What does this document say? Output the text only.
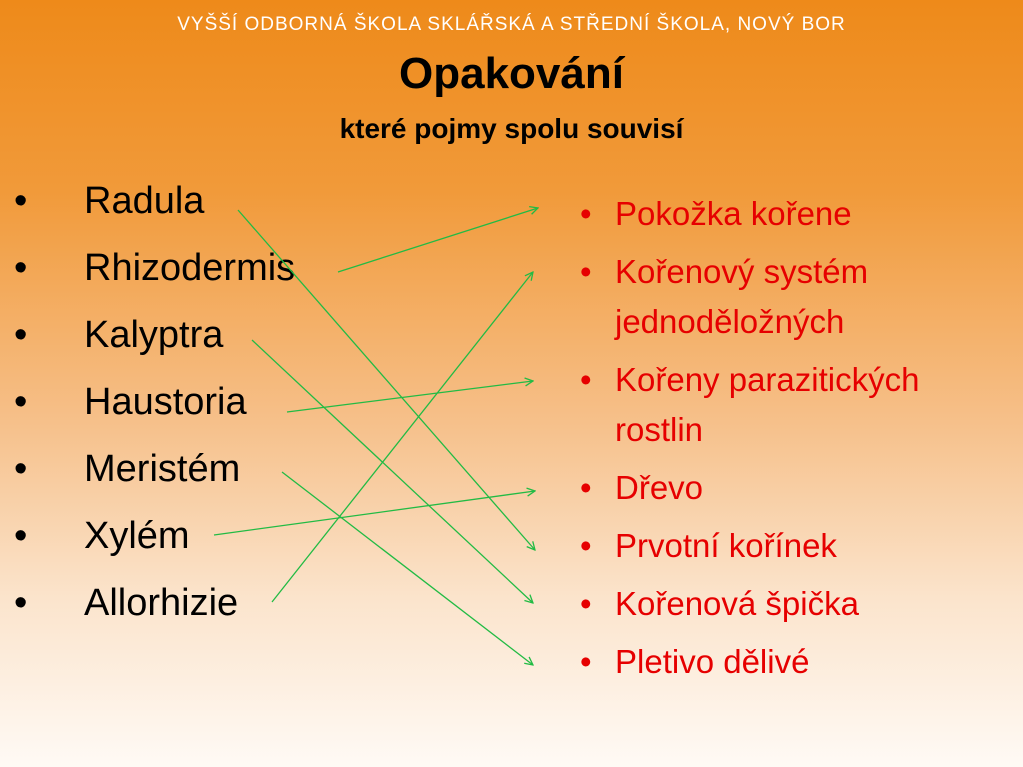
VYŠŠÍ ODBORNÁ ŠKOLA SKLÁŘSKÁ A STŘEDNÍ ŠKOLA, NOVÝ BOR
Opakování
které pojmy spolu souvisí
• Radula
• Rhizodermis
• Kalyptra
• Haustoria
• Meristém
• Xylém
• Allorhizie
• Pokožka kořene
• Kořenový systém
jednoděložných
• Kořeny parazitických
rostlin
• Dřevo
• Prvotní kořínek
• Kořenová špička
• Pletivo dělivé
